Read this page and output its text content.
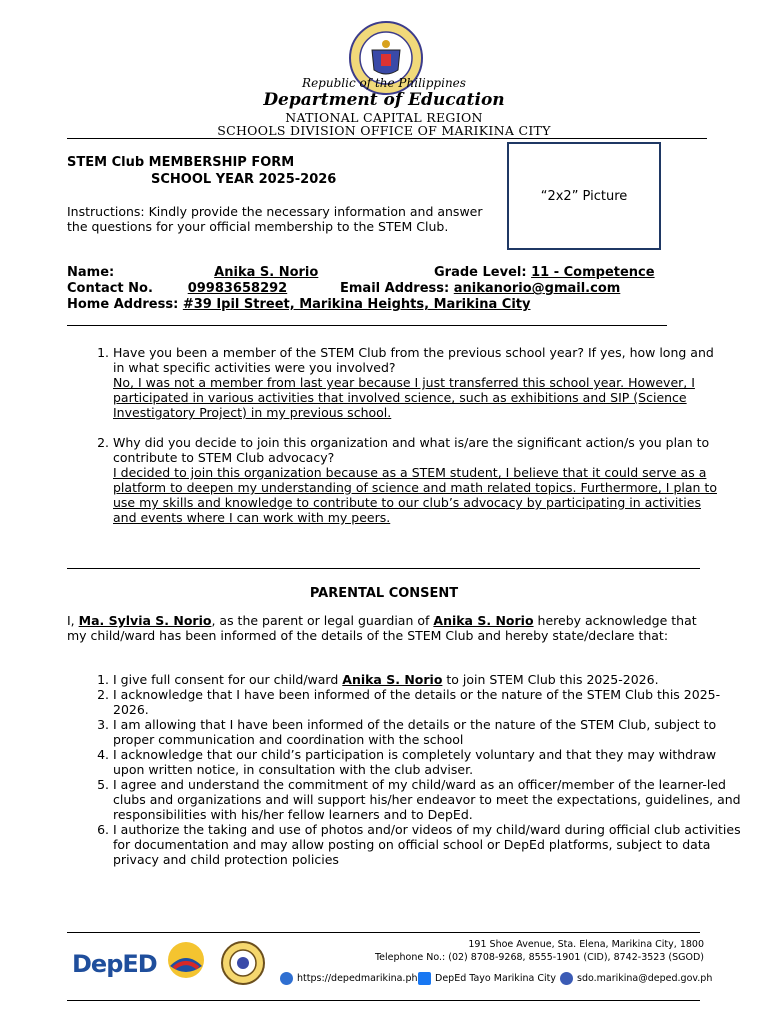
Republic of the Philippines
Department of Education
NATIONAL CAPITAL REGION
SCHOOLS DIVISION OFFICE OF MARIKINA CITY
STEM Club MEMBERSHIP FORM
SCHOOL YEAR 2025-2026
Instructions: Kindly provide the necessary information and answer the questions for your official membership to the STEM Club.
“2x2” Picture
Name:	Anika S. Norio	Grade Level: 11 - Competence
Contact No.	09983658292	Email Address: anikanorio@gmail.com
Home Address: #39 Ipil Street, Marikina Heights, Marikina City
1. Have you been a member of the STEM Club from the previous school year? If yes, how long and in what specific activities were you involved?
No, I was not a member from last year because I just transferred this school year. However, I participated in various activities that involved science, such as exhibitions and SIP (Science Investigatory Project) in my previous school.
2. Why did you decide to join this organization and what is/are the significant action/s you plan to contribute to STEM Club advocacy?
I decided to join this organization because as a STEM student, I believe that it could serve as a platform to deepen my understanding of science and math related topics. Furthermore, I plan to use my skills and knowledge to contribute to our club’s advocacy by participating in activities and events where I can work with my peers.
PARENTAL CONSENT
I, Ma. Sylvia S. Norio, as the parent or legal guardian of Anika S. Norio hereby acknowledge that my child/ward has been informed of the details of the STEM Club and hereby state/declare that:
1. I give full consent for our child/ward Anika S. Norio to join STEM Club this 2025-2026.
2. I acknowledge that I have been informed of the details or the nature of the STEM Club this 2025-2026.
3. I am allowing that I have been informed of the details or the nature of the STEM Club, subject to proper communication and coordination with the school
4. I acknowledge that our child’s participation is completely voluntary and that they may withdraw upon written notice, in consultation with the club adviser.
5. I agree and understand the commitment of my child/ward as an officer/member of the learner-led clubs and organizations and will support his/her endeavor to meet the expectations, guidelines, and responsibilities with his/her fellow learners and to DepEd.
6. I authorize the taking and use of photos and/or videos of my child/ward during official club activities for documentation and may allow posting on official school or DepEd platforms, subject to data privacy and child protection policies
DepED
191 Shoe Avenue, Sta. Elena, Marikina City, 1800
Telephone No.: (02) 8708-9268, 8555-1901 (CID), 8742-3523 (SGOD)
https://depedmarikina.ph DepEd Tayo Marikina City sdo.marikina@deped.gov.ph
